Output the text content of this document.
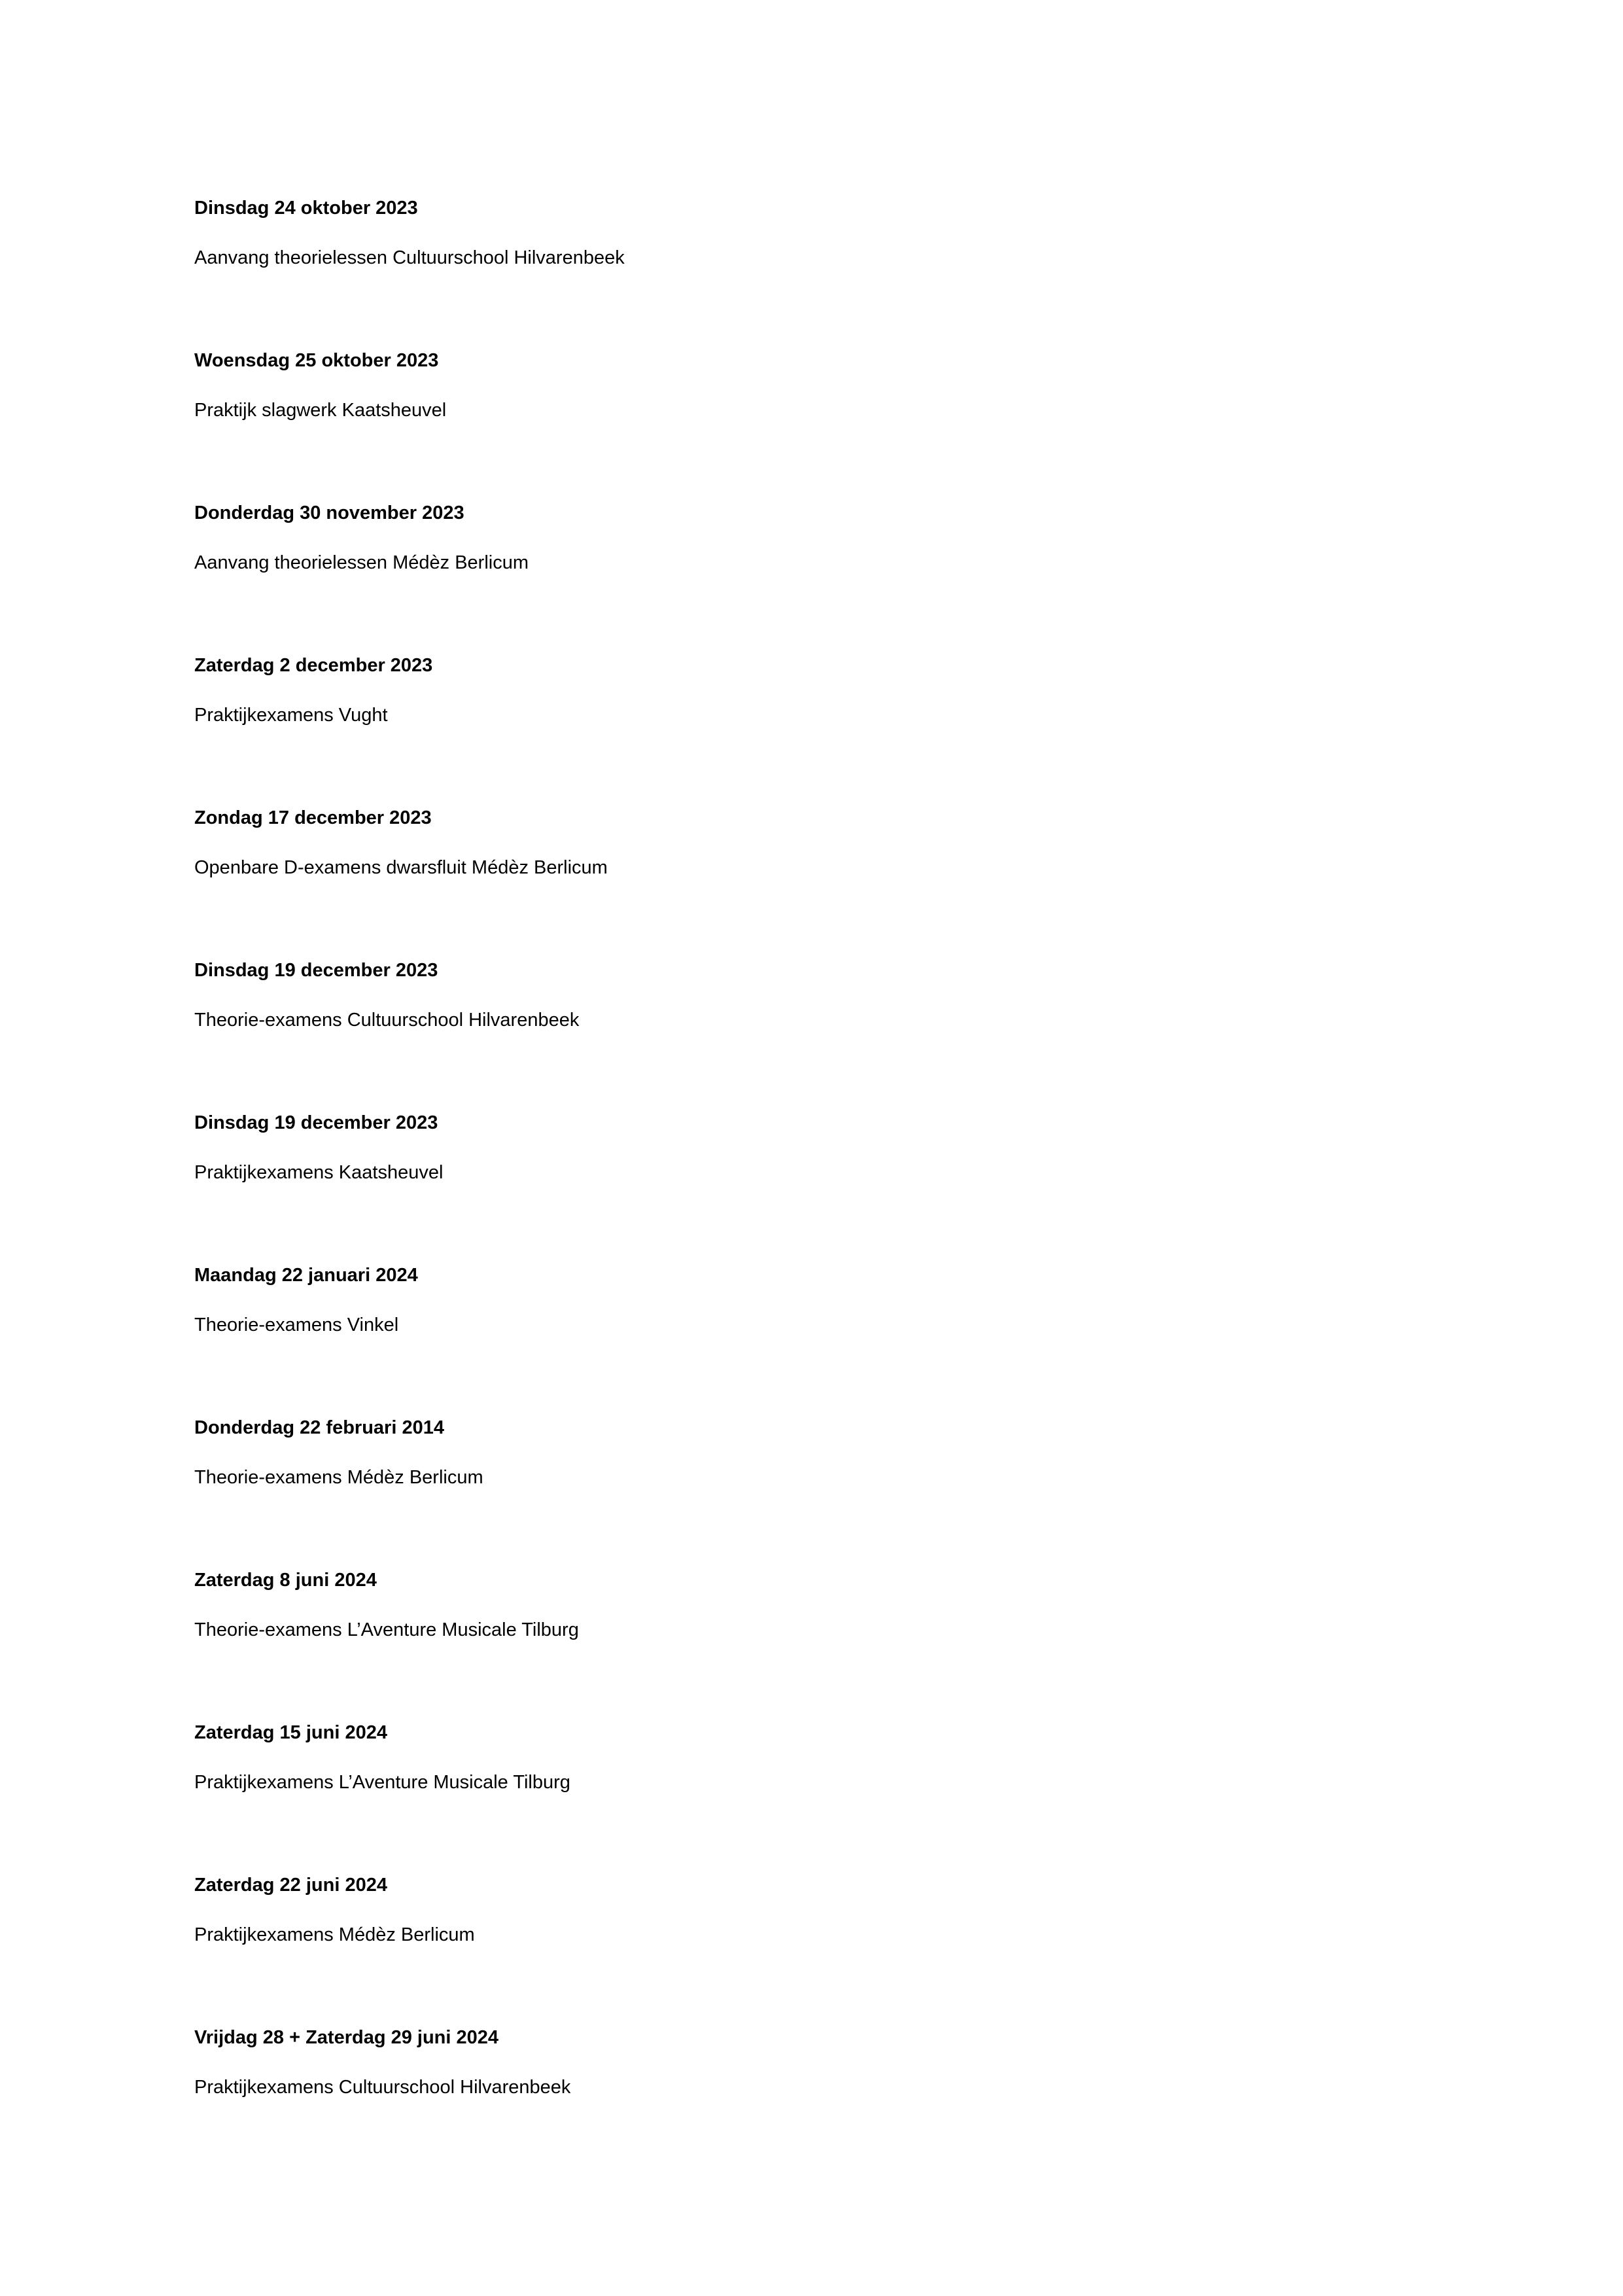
Dinsdag 24 oktober 2023
Aanvang theorielessen Cultuurschool Hilvarenbeek
Woensdag 25 oktober 2023
Praktijk slagwerk Kaatsheuvel
Donderdag 30 november 2023
Aanvang theorielessen Médèz Berlicum
Zaterdag 2 december 2023
Praktijkexamens Vught
Zondag 17 december 2023
Openbare D-examens dwarsfluit Médèz Berlicum
Dinsdag 19 december 2023
Theorie-examens Cultuurschool Hilvarenbeek
Dinsdag 19 december 2023
Praktijkexamens Kaatsheuvel
Maandag 22 januari 2024
Theorie-examens Vinkel
Donderdag 22 februari 2014
Theorie-examens Médèz Berlicum
Zaterdag 8 juni 2024
Theorie-examens L’Aventure Musicale Tilburg
Zaterdag 15 juni 2024
Praktijkexamens L’Aventure Musicale Tilburg
Zaterdag 22 juni 2024
Praktijkexamens Médèz Berlicum
Vrijdag 28 + Zaterdag 29 juni 2024
Praktijkexamens Cultuurschool Hilvarenbeek
